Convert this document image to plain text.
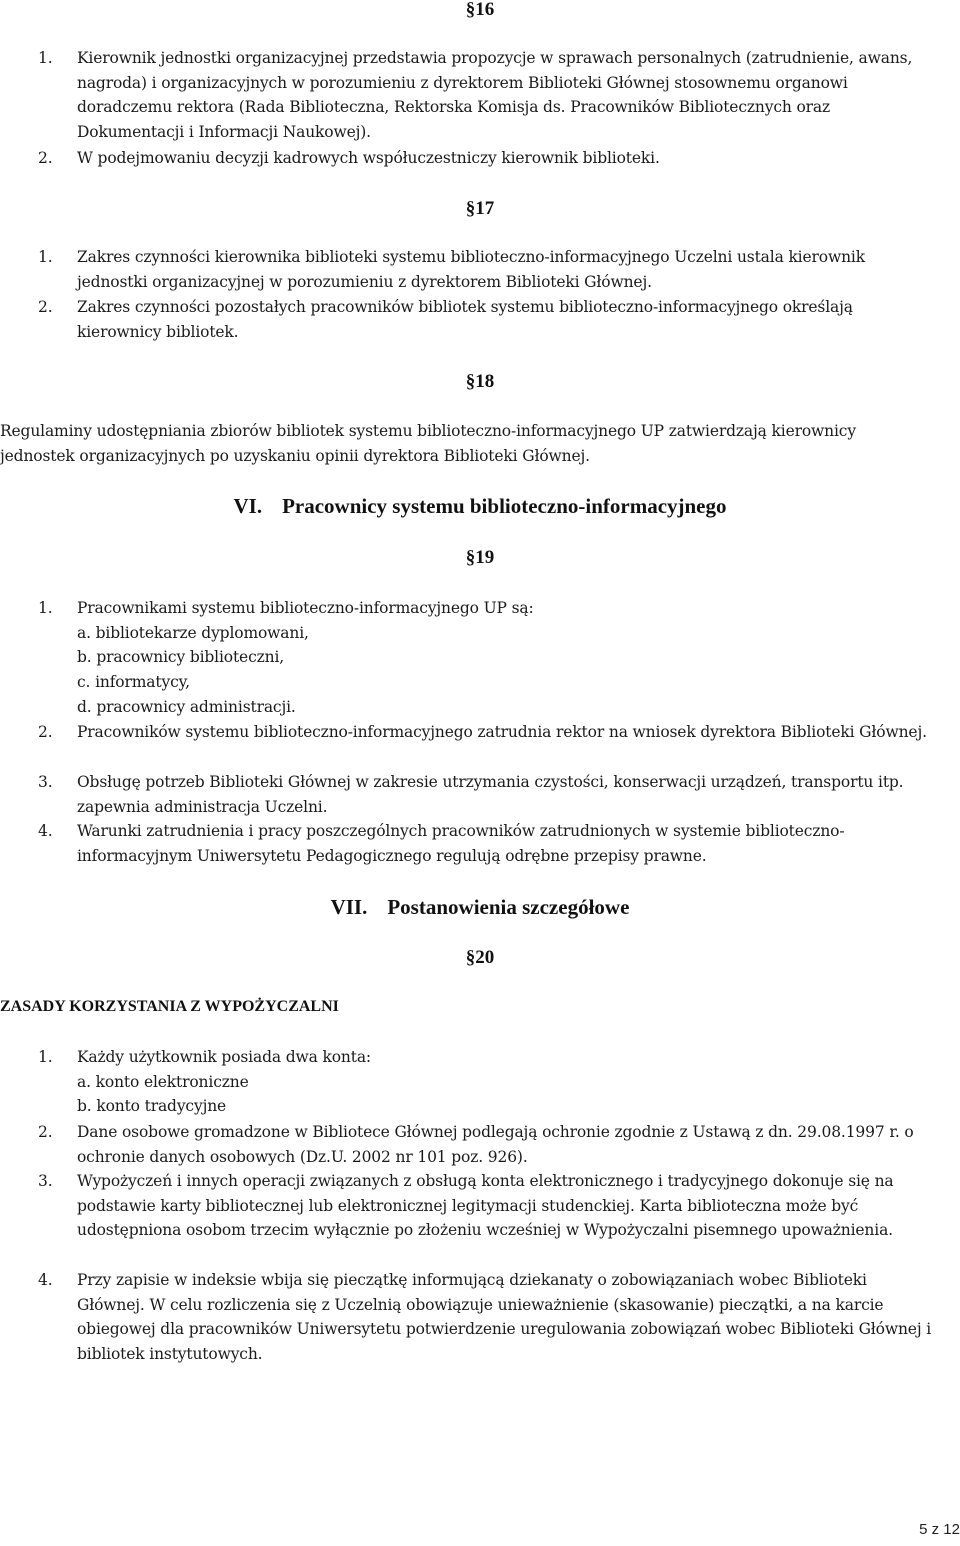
§16
1. Kierownik jednostki organizacyjnej przedstawia propozycje w sprawach personalnych (zatrudnienie, awans, nagroda) i organizacyjnych w porozumieniu z dyrektorem Biblioteki Głównej stosownemu organowi doradczemu rektora (Rada Biblioteczna, Rektorska Komisja ds. Pracowników Bibliotecznych oraz Dokumentacji i Informacji Naukowej).
2. W podejmowaniu decyzji kadrowych współuczestniczy kierownik biblioteki.
§17
1. Zakres czynności kierownika biblioteki systemu biblioteczno-informacyjnego Uczelni ustala kierownik jednostki organizacyjnej w porozumieniu z dyrektorem Biblioteki Głównej.
2. Zakres czynności pozostałych pracowników bibliotek systemu biblioteczno-informacyjnego określają kierownicy bibliotek.
§18
Regulaminy udostępniania zbiorów bibliotek systemu biblioteczno-informacyjnego UP zatwierdzają kierownicy jednostek organizacyjnych po uzyskaniu opinii dyrektora Biblioteki Głównej.
VI. Pracownicy systemu biblioteczno-informacyjnego
§19
1. Pracownikami systemu biblioteczno-informacyjnego UP są:
a. bibliotekarze dyplomowani,
b. pracownicy biblioteczni,
c. informatycy,
d. pracownicy administracji.
2. Pracowników systemu biblioteczno-informacyjnego zatrudnia rektor na wniosek dyrektora Biblioteki Głównej.
3. Obsługę potrzeb Biblioteki Głównej w zakresie utrzymania czystości, konserwacji urządzeń, transportu itp. zapewnia administracja Uczelni.
4. Warunki zatrudnienia i pracy poszczególnych pracowników zatrudnionych w systemie biblioteczno-informacyjnym Uniwersytetu Pedagogicznego regulują odrębne przepisy prawne.
VII. Postanowienia szczegółowe
§20
ZASADY KORZYSTANIA Z WYPOŻYCZALNI
1. Każdy użytkownik posiada dwa konta:
a. konto elektroniczne
b. konto tradycyjne
2. Dane osobowe gromadzone w Bibliotece Głównej podlegają ochronie zgodnie z Ustawą z dn. 29.08.1997 r. o ochronie danych osobowych (Dz.U. 2002 nr 101 poz. 926).
3. Wypożyczeń i innych operacji związanych z obsługą konta elektronicznego i tradycyjnego dokonuje się na podstawie karty bibliotecznej lub elektronicznej legitymacji studenckiej. Karta biblioteczna może być udostępniona osobom trzecim wyłącznie po złożeniu wcześniej w Wypożyczalni pisemnego upoważnienia.
4. Przy zapisie w indeksie wbija się pieczątkę informującą dziekanaty o zobowiązaniach wobec Biblioteki Głównej. W celu rozliczenia się z Uczelnią obowiązuje unieważnienie (skasowanie) pieczątki, a na karcie obiegowej dla pracowników Uniwersytetu potwierdzenie uregulowania zobowiązań wobec Biblioteki Głównej i bibliotek instytutowych.
5 z 12
